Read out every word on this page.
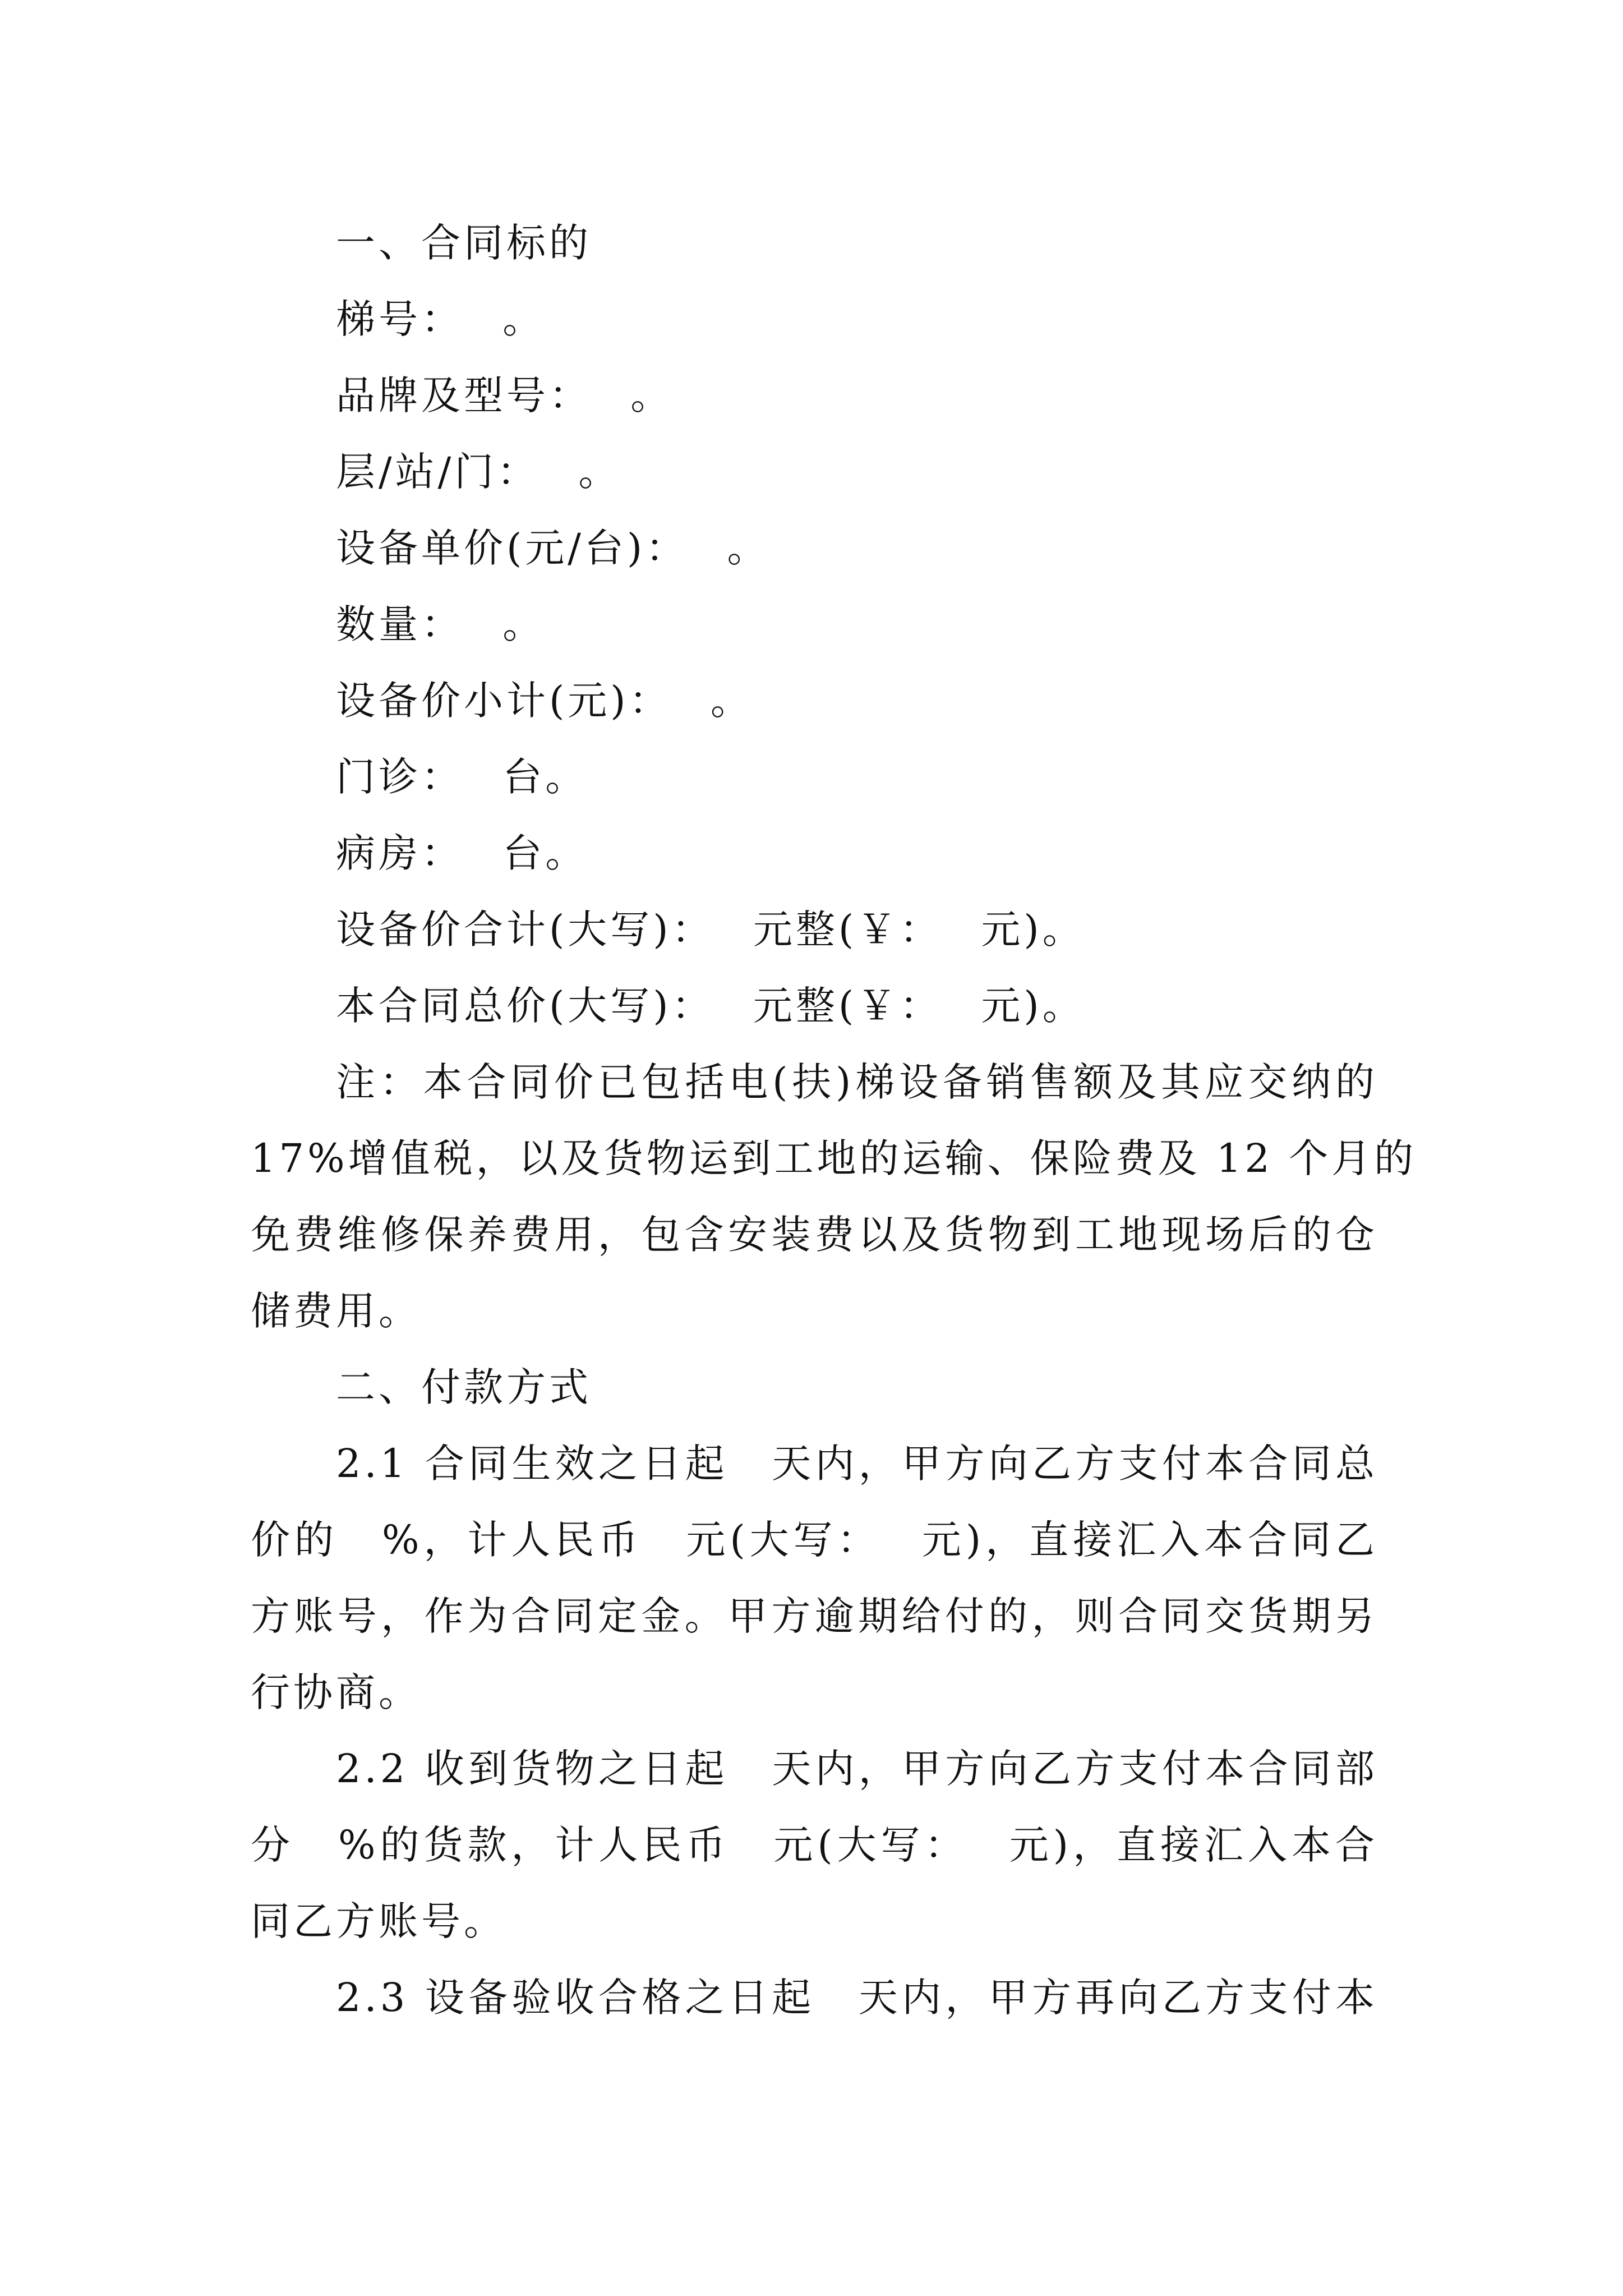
一、合同标的
梯号：　 。
品牌及型号：　 。
层/站/门：　 。
设备单价(元/台)：　 。
数量：　 。
设备价小计(元)：　 。
门诊：　 台。
病房：　 台。
设备价合计(大写)：　 元整(￥：　 元)。
本合同总价(大写)：　 元整(￥：　 元)。
注：本合同价已包括电(扶)梯设备销售额及其应交纳的
17%增值税，以及货物运到工地的运输、保险费及 12 个月的
免费维修保养费用，包含安装费以及货物到工地现场后的仓
储费用。
二、付款方式
2.1 合同生效之日起　天内，甲方向乙方支付本合同总
价的　%，计人民币　元(大写：　 元)，直接汇入本合同乙
方账号，作为合同定金。甲方逾期给付的，则合同交货期另
行协商。
2.2 收到货物之日起　天内，甲方向乙方支付本合同部
分　%的货款，计人民币　元(大写：　 元)，直接汇入本合
同乙方账号。
2.3 设备验收合格之日起　天内，甲方再向乙方支付本
